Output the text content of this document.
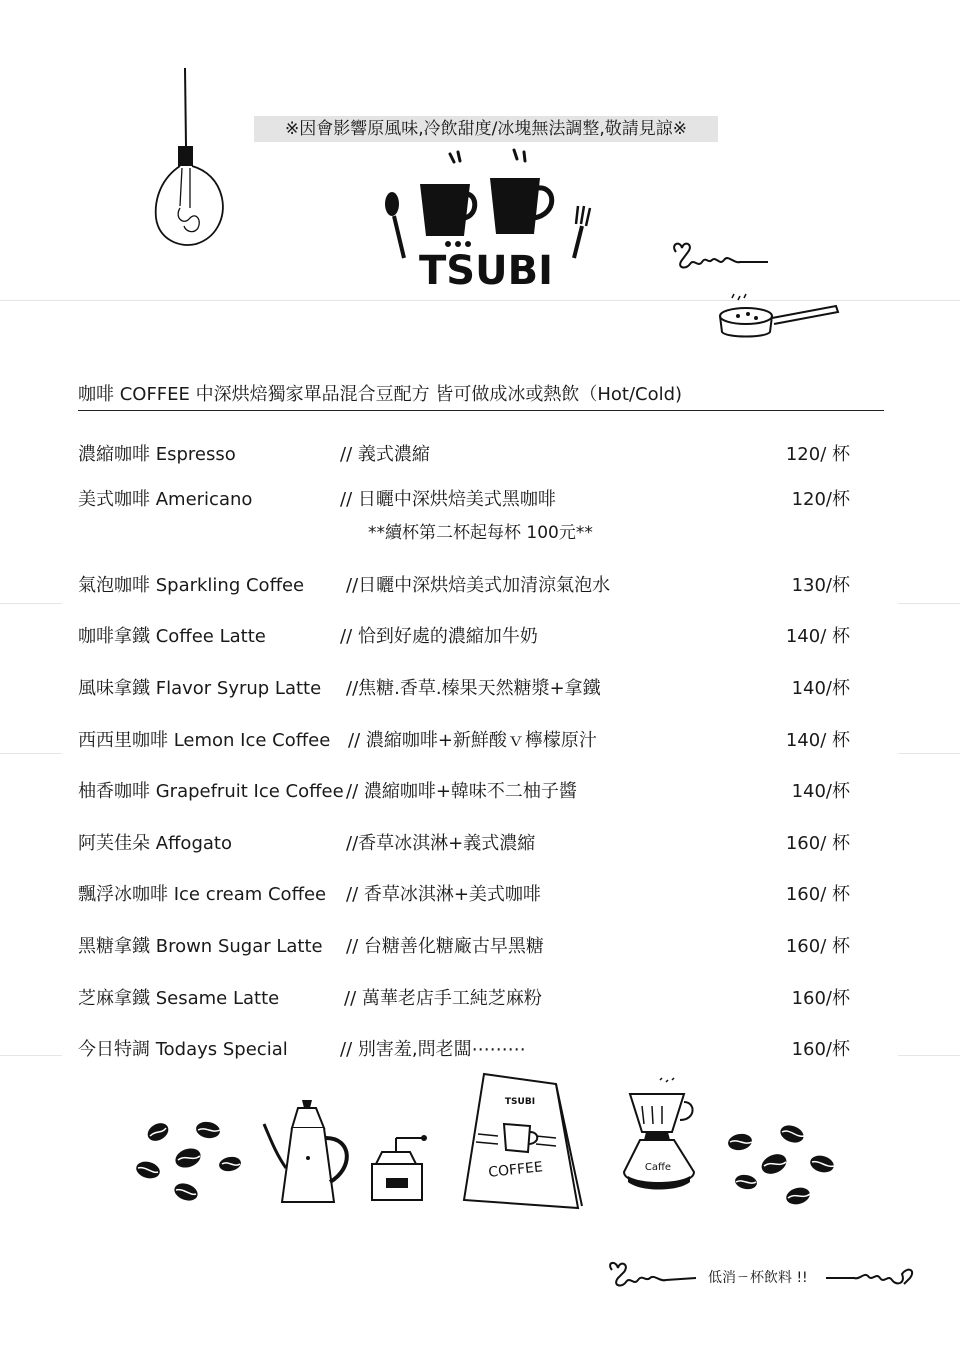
※因會影響原風味,冷飲甜度/冰塊無法調整,敬請見諒※
TSUBI
咖啡 COFFEE 中深烘焙獨家單品混合豆配方 皆可做成冰或熱飲（Hot/Cold)
濃縮咖啡 Espresso	// 義式濃縮	120/ 杯
美式咖啡 Americano	// 日曬中深烘焙美式黑咖啡	120/杯
**續杯第二杯起每杯 100元**
氣泡咖啡 Sparkling Coffee //日曬中深烘焙美式加清涼氣泡水	130/杯
咖啡拿鐵 Coffee Latte	// 恰到好處的濃縮加牛奶	140/ 杯
風味拿鐵 Flavor Syrup Latte //焦糖.香草.榛果天然糖漿+拿鐵	140/杯
西西里咖啡 Lemon Ice Coffee // 濃縮咖啡+新鮮酸ｖ檸檬原汁	140/ 杯
柚香咖啡 Grapefruit Ice Coffee // 濃縮咖啡+韓味不二柚子醬	140/杯
阿芙佳朵 Affogato	//香草冰淇淋+義式濃縮	160/ 杯
飄浮冰咖啡 Ice cream Coffee // 香草冰淇淋+美式咖啡	160/ 杯
黑糖拿鐵 Brown Sugar Latte // 台糖善化糖廠古早黑糖	160/ 杯
芝麻拿鐵 Sesame Latte	// 萬華老店手工純芝麻粉	160/杯
今日特調 Todays Special	// 別害羞,問老闆⋯⋯⋯	160/杯
TSUBI
COFFEE	Caffe
低消ㄧ杯飲料 !!
